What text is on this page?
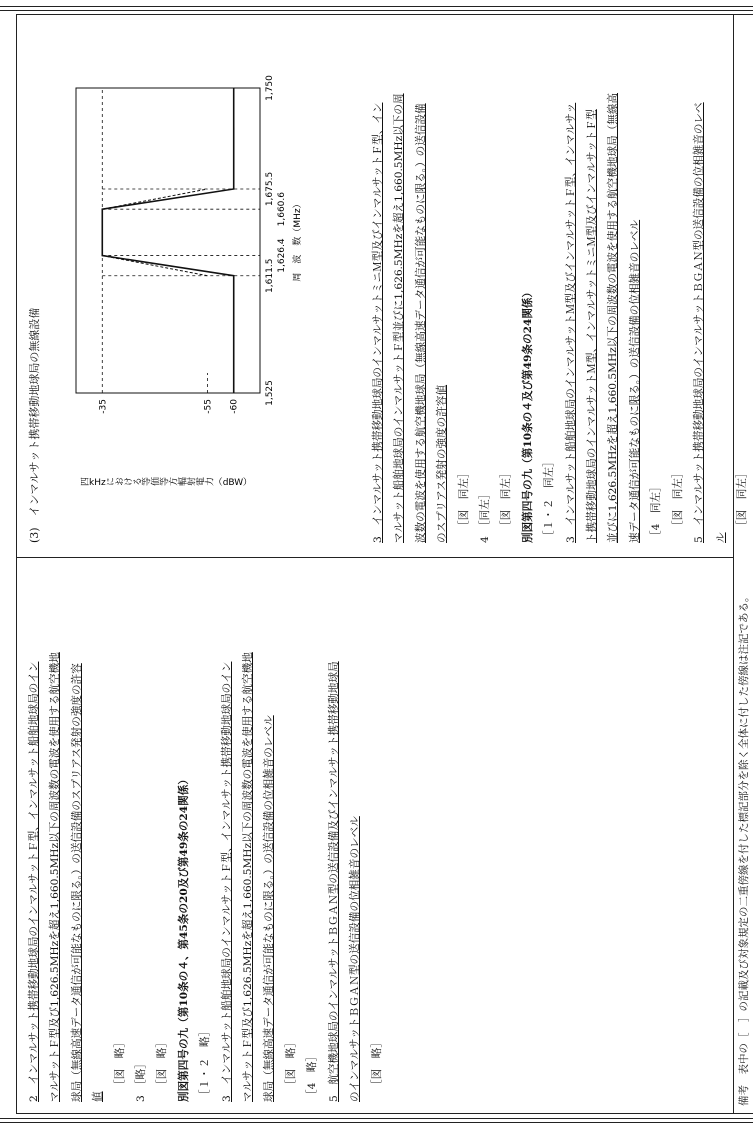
2　インマルサット携帯移動地球局のインマルサットＦ型、インマルサット船舶地球局のイン マルサットＦ型及び1,626.5MHzを超え1,660.5MHz以下の周波数の電波を使用する航空機地 球局（無線高速データ通信が可能なものに限る。）の送信設備のスプリアス発射の強度の許容 値

［図　略］ 3　［略］ ［図　略］ 別図第四号の九（第10条の４、第45条の20及び第49条の24関係） ［１・２　略］ 3　インマルサット船舶地球局のインマルサットＦ型、インマルサット携帯移動地球局のイン マルサットＦ型及び1,626.5MHzを超え1,660.5MHz以下の周波数の電波を使用する航空機地 球局（無線高速データ通信が可能なものに限る。）の送信設備の位相雑音のレベル ［図　略］ ［4　略］ 5　航空機地球局のインマルサットＢＧＡＮ型の送信設備及びインマルサット携帯移動地球局 のインマルサットＢＧＡＮ型の送信設備の位相雑音のレベル ［図　略］

(3)　インマルサット携帯移動地球局の無線設備	-35	-55 -60
1,525
1,611.5
1,626.4
1,660.6
1,675.5
1,750
周　波　数（MHz）
四kHzにおける等価等方輻射電力（dBW）	3　インマルサット携帯移動地球局のインマルサットミニＭ型及びインマルサットＦ型、イン マルサット船舶地球局のインマルサットＦ型並びに1,626.5MHzを超え1,660.5MHz以下の周 波数の電波を使用する航空機地球局（無線高速データ通信が可能なものに限る。）の送信設備 のスプリアス発射の強度の許容値 ［図　同左］ 4　［同左］ ［図　同左］ 別図第四号の九（第10条の４及び第49条の24関係） ［１・２　同左］ 3　インマルサット船舶地球局のインマルサットＭ型及びインマルサットＦ型、インマルサッ ト携帯移動地球局のインマルサットＭ型、インマルサットミニＭ型及びインマルサットＦ型 並びに1,626.5MHzを超え1,660.5MHz以下の周波数の電波を使用する航空機地球局（無線高 速データ通信が可能なものに限る。）の送信設備の位相雑音のレベル ［4　同左］ ［図　同左］ 5　インマルサット携帯移動地球局のインマルサットＢＧＡＮ型の送信設備の位相雑音のレベ ル

［図　同左］

備考　表中の［　］の記載及び対象規定の二重傍線を付した標記部分を除く全体に付した傍線は注記である。
